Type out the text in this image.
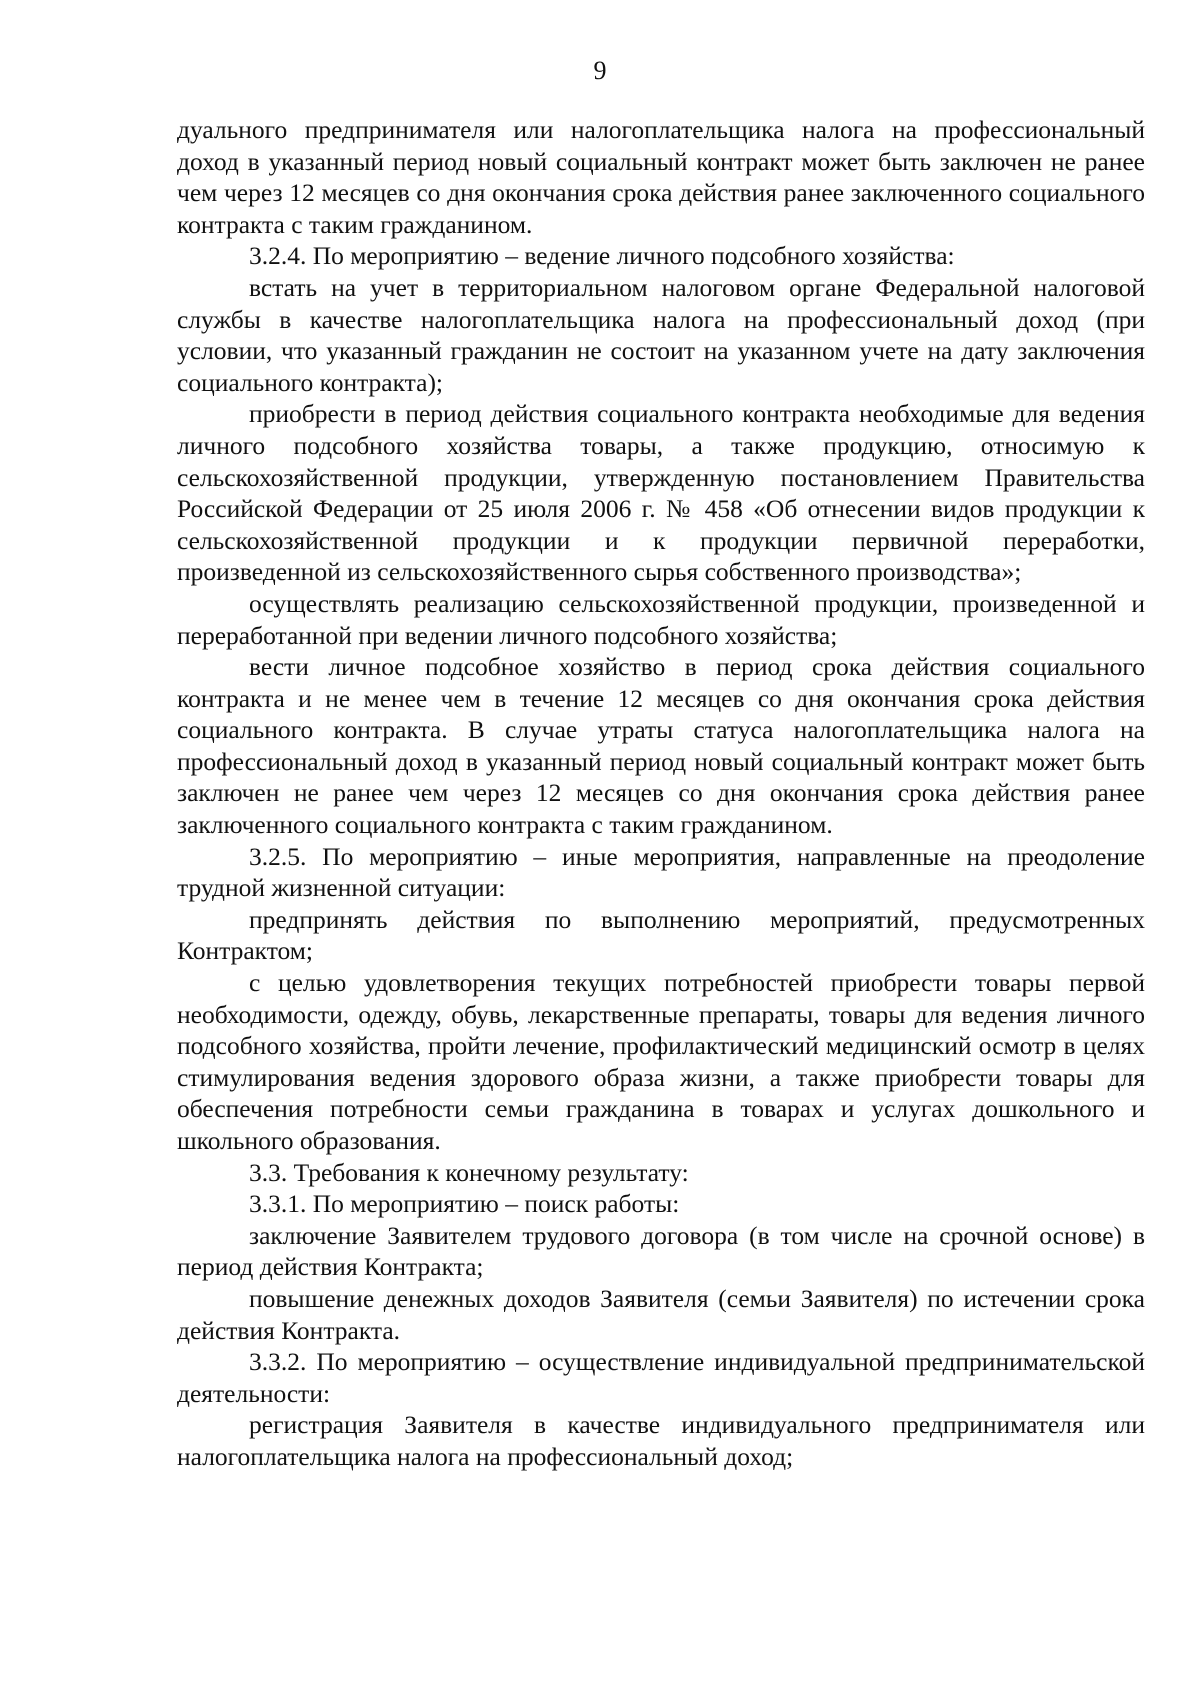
9

дуального предпринимателя или налогоплательщика налога на профессиональный доход в указанный период новый социальный контракт может быть заключен не ранее чем через 12 месяцев со дня окончания срока действия ранее заключенного социального контракта с таким гражданином.

3.2.4. По мероприятию – ведение личного подсобного хозяйства:

встать на учет в территориальном налоговом органе Федеральной налоговой службы в качестве налогоплательщика налога на профессиональный доход (при условии, что указанный гражданин не состоит на указанном учете на дату заключения социального контракта);

приобрести в период действия социального контракта необходимые для ведения личного подсобного хозяйства товары, а также продукцию, относимую к сельскохозяйственной продукции, утвержденную постановлением Правительства Российской Федерации от 25 июля 2006 г. № 458 «Об отнесении видов продукции к сельскохозяйственной продукции и к продукции первичной переработки, произведенной из сельскохозяйственного сырья собственного производства»;

осуществлять реализацию сельскохозяйственной продукции, произведенной и переработанной при ведении личного подсобного хозяйства;

вести личное подсобное хозяйство в период срока действия социального контракта и не менее чем в течение 12 месяцев со дня окончания срока действия социального контракта. В случае утраты статуса налогоплательщика налога на профессиональный доход в указанный период новый социальный контракт может быть заключен не ранее чем через 12 месяцев со дня окончания срока действия ранее заключенного социального контракта с таким гражданином.

3.2.5. По мероприятию – иные мероприятия, направленные на преодоление трудной жизненной ситуации:

предпринять действия по выполнению мероприятий, предусмотренных Контрактом;

с целью удовлетворения текущих потребностей приобрести товары первой необходимости, одежду, обувь, лекарственные препараты, товары для ведения личного подсобного хозяйства, пройти лечение, профилактический медицинский осмотр в целях стимулирования ведения здорового образа жизни, а также приобрести товары для обеспечения потребности семьи гражданина в товарах и услугах дошкольного и школьного образования.

3.3. Требования к конечному результату:

3.3.1. По мероприятию – поиск работы:

заключение Заявителем трудового договора (в том числе на срочной основе) в период действия Контракта;

повышение денежных доходов Заявителя (семьи Заявителя) по истечении срока действия Контракта.

3.3.2. По мероприятию – осуществление индивидуальной предпринимательской деятельности:

регистрация Заявителя в качестве индивидуального предпринимателя или налогоплательщика налога на профессиональный доход;
